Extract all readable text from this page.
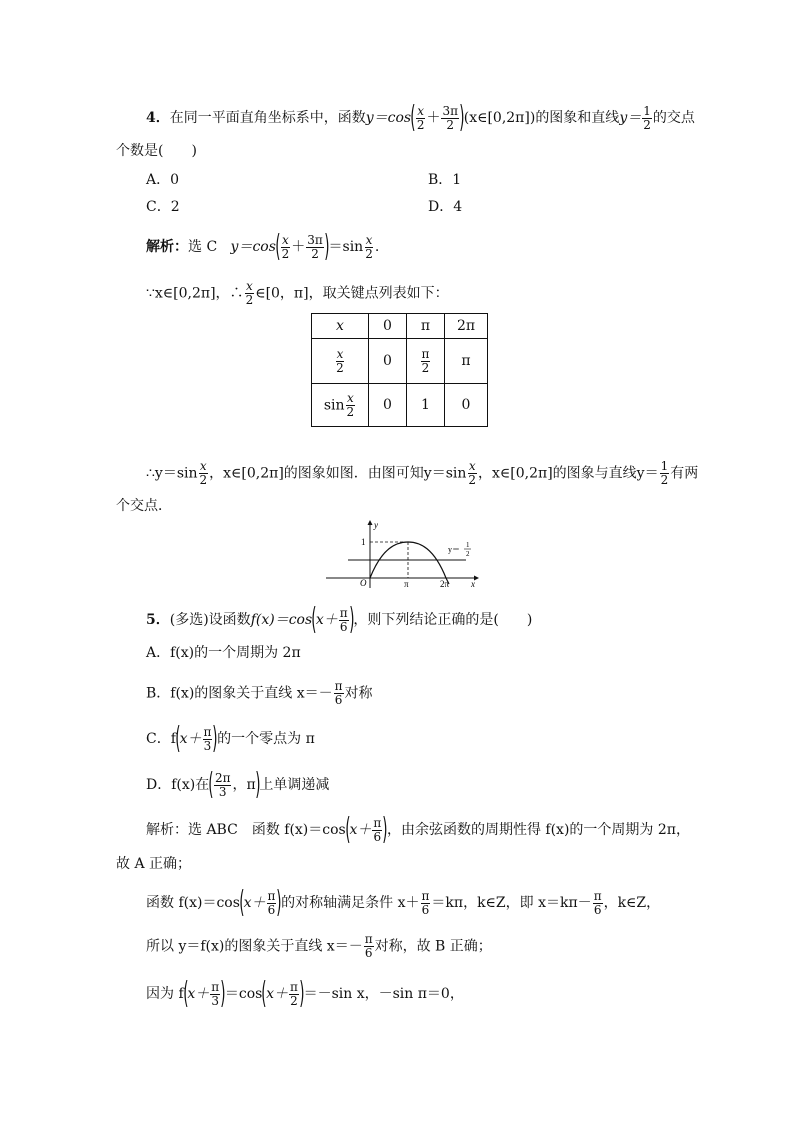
4．在同一平面直角坐标系中，函数$y=\cos( \frac{x}{2} + \frac{3\pi}{2}$ )(x∈[0,2π])的图象和直线$y= \frac{1}{2}$ 的交点
个数是(　　)
A．0	B．1
C．2	D．4
解析：选 C $y=\cos( \frac{x}{2} + \frac{3\pi}{2} )=\sin \frac{x}{2}$ .
∵x∈[0,2π]，∴ $\frac{x}{2}$ ∈[0，π]，取关键点列表如下：
x	0	π	2π

$\frac{x}{2}$	0	$\frac{\pi}{2}$	π
$\sin \frac{x}{2}$	0	1	0
∴y＝sin $\frac{x}{2}$ ，x∈[0,2π]的图象如图．由图可知$y=\sin \frac{x}{2}$ ，x∈[0,2π]的图象与直线$y= \frac{1}{2}$ 有两
个交点．
y
x
O
1
π	2π
y＝ 1
2
5．(多选)设函数$f(x)=\cos(x+ \frac{\pi}{6}$ )，则下列结论正确的是(　　)
A．f(x)的一个周期为 2π
B．f(x)的图象关于直线 $x=- \frac{\pi}{6}$ 对称
C．$f(x+ \frac{\pi}{3}$ )的一个零点为 π
D．f(x)在( $\frac{2\pi}{3}$ ，π)上单调递减
解析：选 ABC　函数 $f(x)=\cos(x+ \frac{\pi}{6}$ )，由余弦函数的周期性得 f(x)的一个周期为 2π，
故 A 正确；
函数 $f(x)=\cos(x+ \frac{\pi}{6}$ )的对称轴满足条件 $x+ \frac{\pi}{6} =k\pi$，k∈Z，即 $x=k\pi- \frac{\pi}{6}$ ，k∈Z，
所以 y＝f(x)的图象关于直线 $x=- \frac{\pi}{6}$ 对称，故 B 正确；
因为 $f(x+ \frac{\pi}{3} )=\cos(x+ \frac{\pi}{2} )=-\sin$ x，－sin π＝0，
